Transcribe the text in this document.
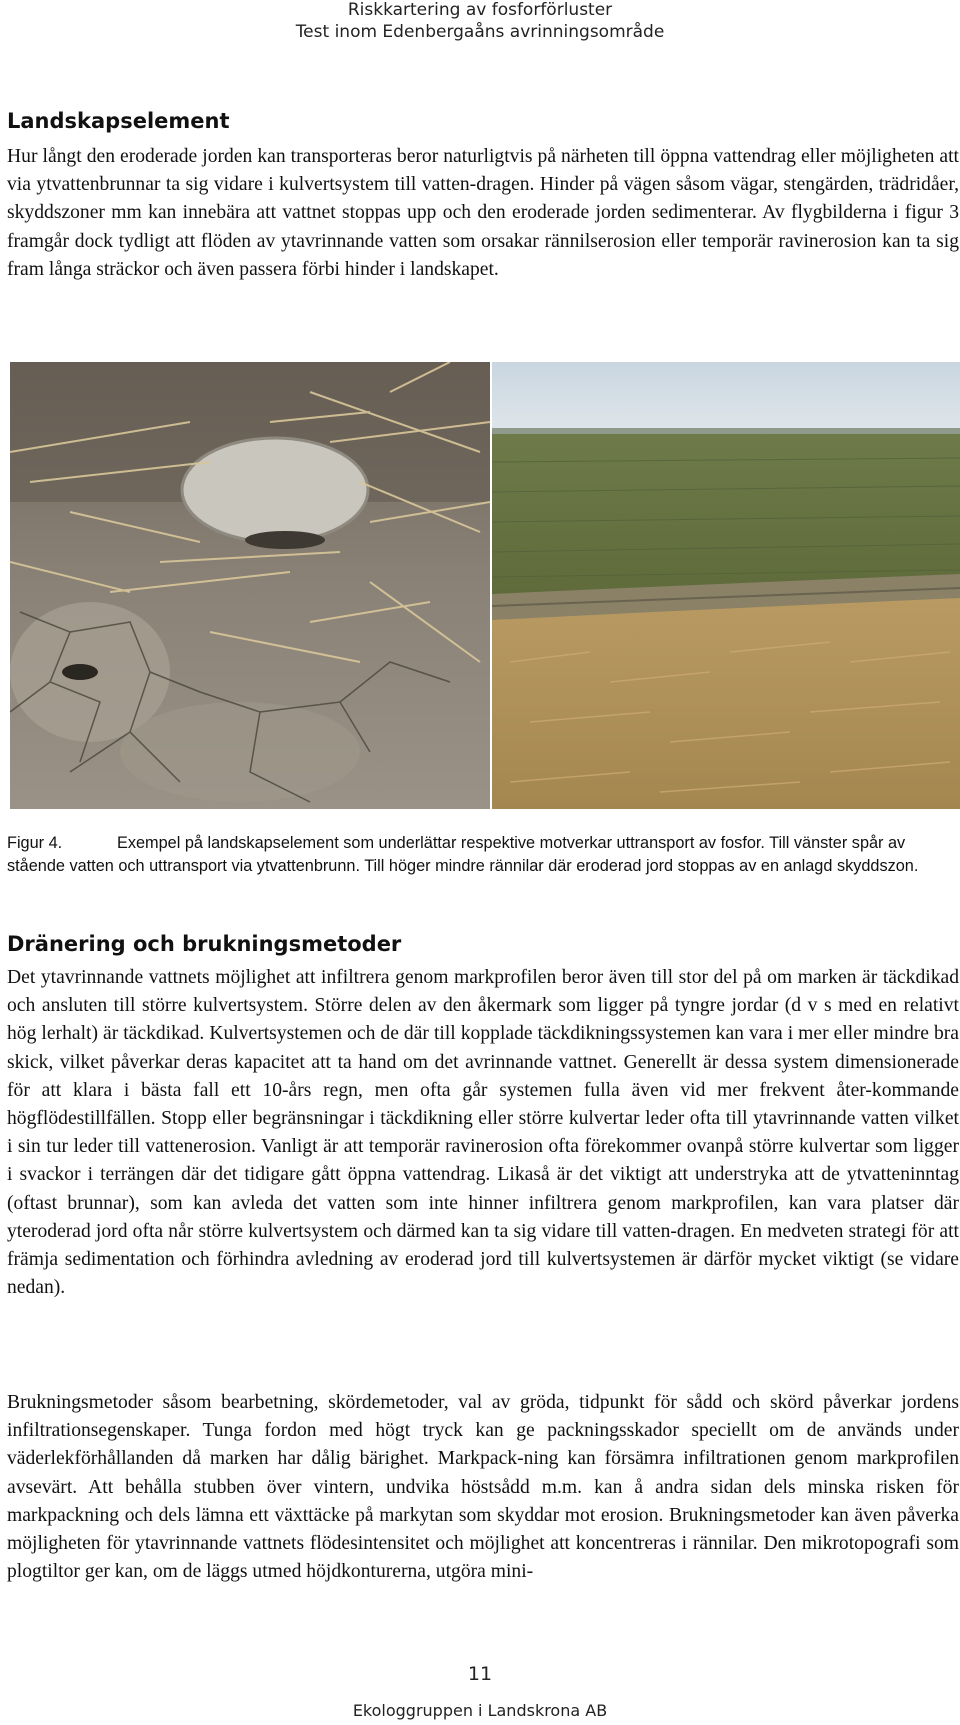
Riskkartering av fosforförluster
Test inom Edenbergaåns avrinningsområde
Landskapselement

Hur långt den eroderade jorden kan transporteras beror naturligtvis på närheten till öppna vattendrag eller möjligheten att via ytvattenbrunnar ta sig vidare i kulvertsystem till vatten-dragen. Hinder på vägen såsom vägar, stengärden, trädridåer, skyddszoner mm kan innebära att vattnet stoppas upp och den eroderade jorden sedimenterar. Av flygbilderna i figur 3 framgår dock tydligt att flöden av ytavrinnande vatten som orsakar rännilserosion eller temporär ravinerosion kan ta sig fram långa sträckor och även passera förbi hinder i landskapet.

Figur 4.	Exempel på landskapselement som underlättar respektive motverkar uttransport av fosfor. Till vänster spår av stående vatten och uttransport via ytvattenbrunn. Till höger mindre rännilar där eroderad jord stoppas av en anlagd skyddszon.
Dränering och brukningsmetoder

Det ytavrinnande vattnets möjlighet att infiltrera genom markprofilen beror även till stor del på om marken är täckdikad och ansluten till större kulvertsystem. Större delen av den åkermark som ligger på tyngre jordar (d v s med en relativt hög lerhalt) är täckdikad. Kulvertsystemen och de där till kopplade täckdikningssystemen kan vara i mer eller mindre bra skick, vilket påverkar deras kapacitet att ta hand om det avrinnande vattnet. Generellt är dessa system dimensionerade för att klara i bästa fall ett 10-års regn, men ofta går systemen fulla även vid mer frekvent åter-kommande högflödestillfällen. Stopp eller begränsningar i täckdikning eller större kulvertar leder ofta till ytavrinnande vatten vilket i sin tur leder till vattenerosion. Vanligt är att temporär ravinerosion ofta förekommer ovanpå större kulvertar som ligger i svackor i terrängen där det tidigare gått öppna vattendrag. Likaså är det viktigt att understryka att de ytvatteninntag (oftast brunnar), som kan avleda det vatten som inte hinner infiltrera genom markprofilen, kan vara platser där yteroderad jord ofta når större kulvertsystem och därmed kan ta sig vidare till vatten-dragen. En medveten strategi för att främja sedimentation och förhindra avledning av eroderad jord till kulvertsystemen är därför mycket viktigt (se vidare nedan).

Brukningsmetoder såsom bearbetning, skördemetoder, val av gröda, tidpunkt för sådd och skörd påverkar jordens infiltrationsegenskaper. Tunga fordon med högt tryck kan ge packningsskador speciellt om de används under väderlekförhållanden då marken har dålig bärighet. Markpack-ning kan försämra infiltrationen genom markprofilen avsevärt. Att behålla stubben över vintern, undvika höstsådd m.m. kan å andra sidan dels minska risken för markpackning och dels lämna ett växttäcke på markytan som skyddar mot erosion. Brukningsmetoder kan även påverka möjligheten för ytavrinnande vattnets flödesintensitet och möjlighet att koncentreras i rännilar. Den mikrotopografi som plogtiltor ger kan, om de läggs utmed höjdkonturerna, utgöra mini-

11
Ekologgruppen i Landskrona AB
